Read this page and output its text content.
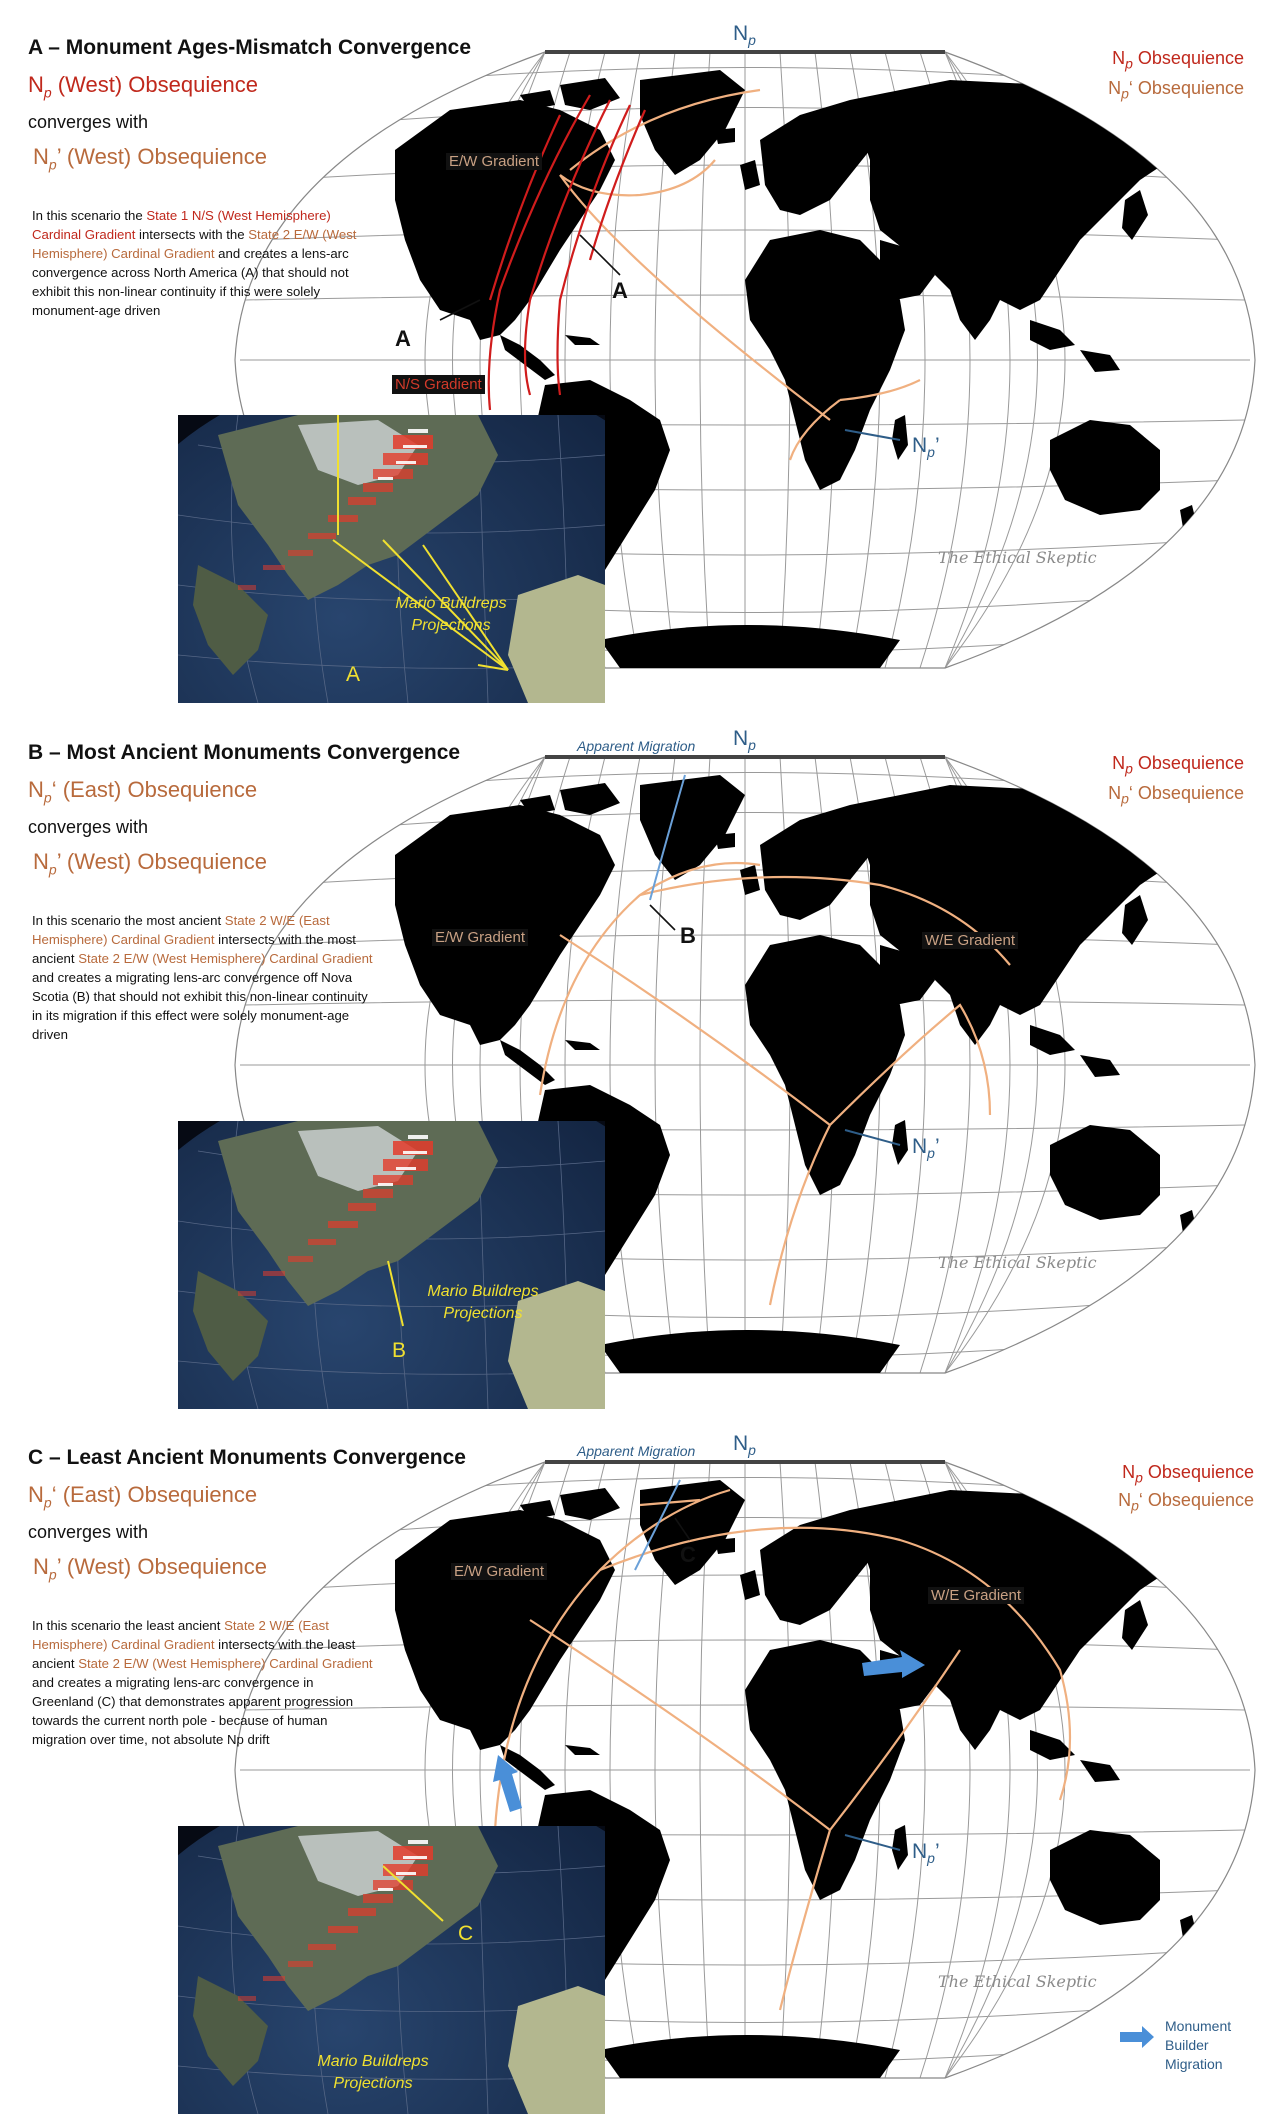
A – Monument Ages-Mismatch Convergence
$N_p$ (West) Obsequience
converges with
$N_p$’ (West) Obsequience
In this scenario the State 1 N/S (West Hemisphere) Cardinal Gradient intersects with the State 2 E/W (West Hemisphere) Cardinal Gradient and creates a lens-arc convergence across North America (A) that should not exhibit this non-linear continuity if this were solely monument-age driven
$N_p$ Obsequience
$N_p‘$ Obsequience
$N_p$
E/W Gradient
N/S Gradient
A
A
$N_p$’
The Ethical Skeptic
Mario Buildreps Projections
A
B – Most Ancient Monuments Convergence
$N_p‘$ (East) Obsequience
converges with
$N_p$’ (West) Obsequience
In this scenario the most ancient State 2 W/E (East Hemisphere) Cardinal Gradient intersects with the most ancient State 2 E/W (West Hemisphere) Cardinal Gradient and creates a migrating lens-arc convergence off Nova Scotia (B) that should not exhibit this non-linear continuity in its migration if this effect were solely monument-age driven
$N_p$ Obsequience
$N_p‘$ Obsequience
Apparent Migration $N_p$
E/W Gradient	W/E Gradient
B
$N_p$’
The Ethical Skeptic
Mario Buildreps Projections
B
C – Least Ancient Monuments Convergence
$N_p‘$ (East) Obsequience
converges with
$N_p$’ (West) Obsequience
In this scenario the least ancient State 2 W/E (East Hemisphere) Cardinal Gradient intersects with the least ancient State 2 E/W (West Hemisphere) Cardinal Gradient and creates a migrating lens-arc convergence in Greenland (C) that demonstrates apparent progression towards the current north pole - because of human migration over time, not absolute Np drift
$N_p$ Obsequience
$N_p‘$ Obsequience
Apparent Migration $N_p$
E/W Gradient
W/E Gradient
C
$N_p$’
The Ethical Skeptic
Mario Buildreps Projections
C
Monument Builder Migration
